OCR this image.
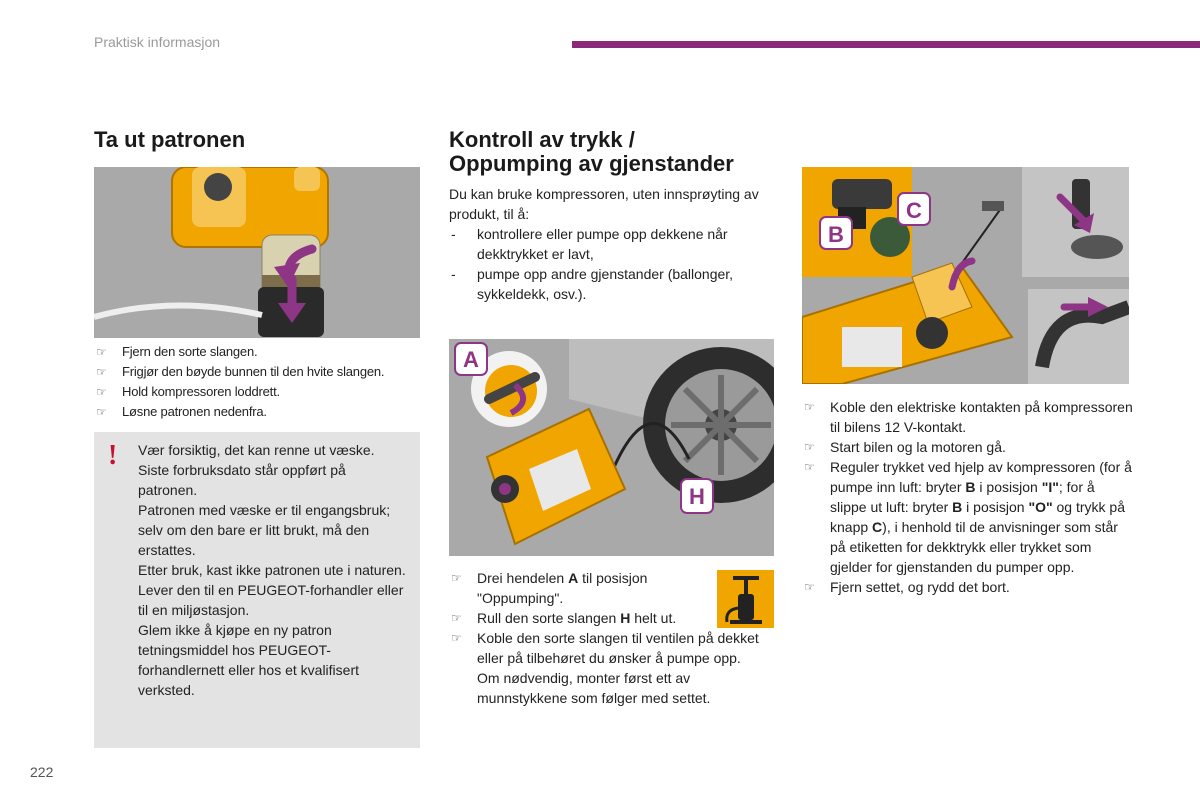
Praktisk informasjon
Ta ut patronen
☞ Fjern den sorte slangen.
☞ Frigjør den bøyde bunnen til den hvite slangen.
☞ Hold kompressoren loddrett.
☞ Løsne patronen nedenfra.
! Vær forsiktig, det kan renne ut væske. Siste forbruksdato står oppført på patronen.

Patronen med væske er til engangsbruk; selv om den bare er litt brukt, må den erstattes.

Etter bruk, kast ikke patronen ute i naturen. Lever den til en PEUGEOT-forhandler eller til en miljøstasjon.

Glem ikke å kjøpe en ny patron tetningsmiddel hos PEUGEOT-forhandlernett eller hos et kvalifisert verksted.

Kontroll av trykk /
Oppumping av gjenstander

Du kan bruke kompressoren, uten innsprøyting av produkt, til å:

- kontrollere eller pumpe opp dekkene når dekktrykket er lavt,
- pumpe opp andre gjenstander (ballonger, sykkeldekk, osv.).
A
H
☞ Drei hendelen A til posisjon "Oppumping".
☞ Rull den sorte slangen H helt ut.
☞ Koble den sorte slangen til ventilen på dekket eller på tilbehøret du ønsker å pumpe opp.
Om nødvendig, monter først ett av munnstykkene som følger med settet.
B
C
☞ Koble den elektriske kontakten på kompressoren til bilens 12 V-kontakt.
☞ Start bilen og la motoren gå.
☞ Reguler trykket ved hjelp av kompressoren (for å pumpe inn luft: bryter B i posisjon "I"; for å slippe ut luft: bryter B i posisjon "O" og trykk på knapp C), i henhold til de anvisninger som står på etiketten for dekktrykk eller trykket som gjelder for gjenstanden du pumper opp.
☞ Fjern settet, og rydd det bort.
222
